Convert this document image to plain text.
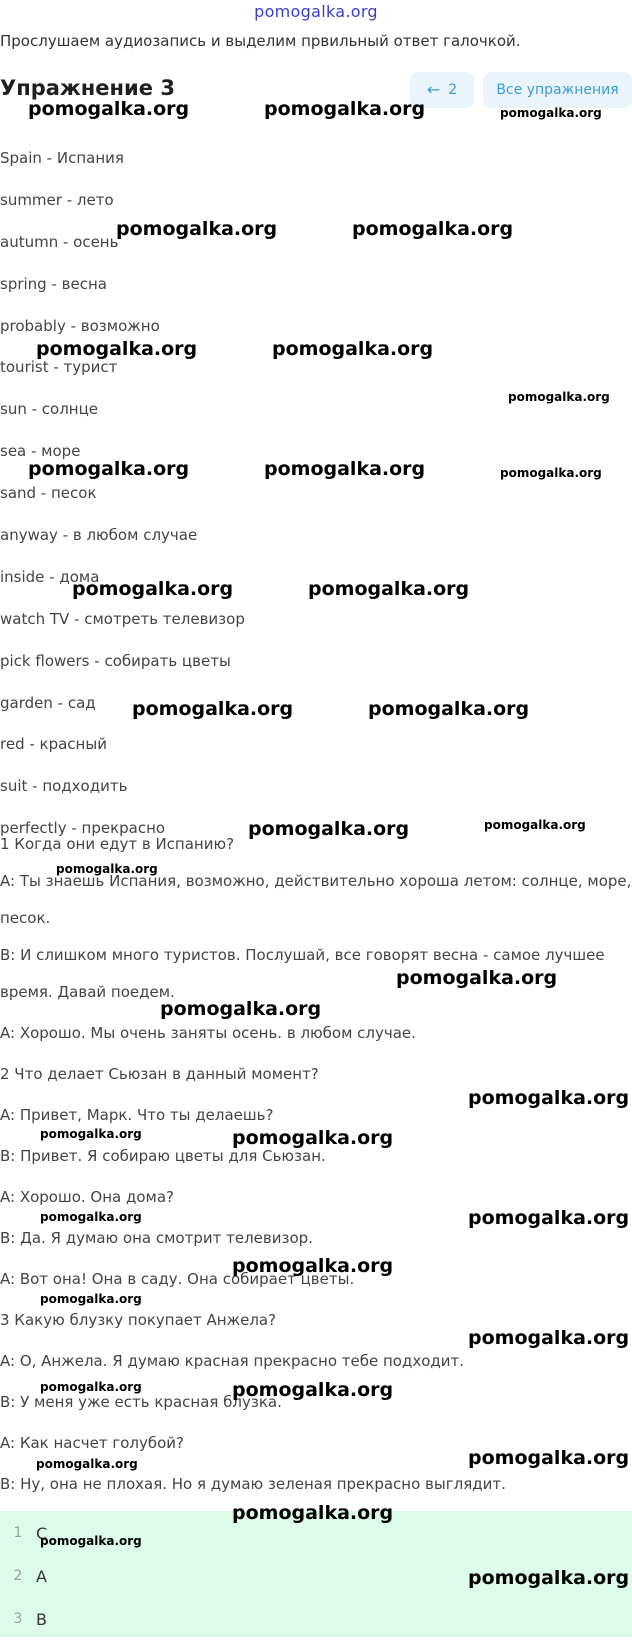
pomogalka.org
Прослушаем аудиозапись и выделим првильный ответ галочкой.
Упражнение 3	← 2	Все упражнения
Spain - Испания
summer - лето
autumn - осень
spring - весна
probably - возможно
tourist - турист
sun - солнце
sea - море
sand - песок
anyway - в любом случае
inside - дома
watch TV - смотреть телевизор
pick flowers - собирать цветы
garden - сад
red - красный
suit - подходить
perfectly - прекрасно
1 Когда они едут в Испанию?
A: Ты знаешь Испания, возможно, действительно хороша летом: солнце, море,
песок.
B: И слишком много туристов. Послушай, все говорят весна - самое лучшее
время. Давай поедем.
A: Хорошо. Мы очень заняты осень. в любом случае.
2 Что делает Сьюзан в данный момент?
A: Привет, Марк. Что ты делаешь?
B: Привет. Я собираю цветы для Сьюзан.
A: Хорошо. Она дома?
B: Да. Я думаю она смотрит телевизор.
A: Вот она! Она в саду. Она собирает цветы.
3 Какую блузку покупает Анжела?
A: О, Анжела. Я думаю красная прекрасно тебе подходит.
B: У меня уже есть красная блузка.
A: Как насчет голубой?
B: Ну, она не плохая. Но я думаю зеленая прекрасно выглядит.
1 C
2 A
3 B
pomogalka.org	pomogalka.org	pomogalka.org
pomogalka.org	pomogalka.org
pomogalka.org	pomogalka.org
pomogalka.org
pomogalka.org	pomogalka.org	pomogalka.org
pomogalka.org	pomogalka.org
pomogalka.org	pomogalka.org
pomogalka.org	pomogalka.org
pomogalka.org
pomogalka.org
pomogalka.org
pomogalka.org
pomogalka.org	pomogalka.org
pomogalka.org
pomogalka.org
pomogalka.org
pomogalka.org
pomogalka.org
pomogalka.org	pomogalka.org
pomogalka.org
pomogalka.org
pomogalka.org
pomogalka.org
pomogalka.org
